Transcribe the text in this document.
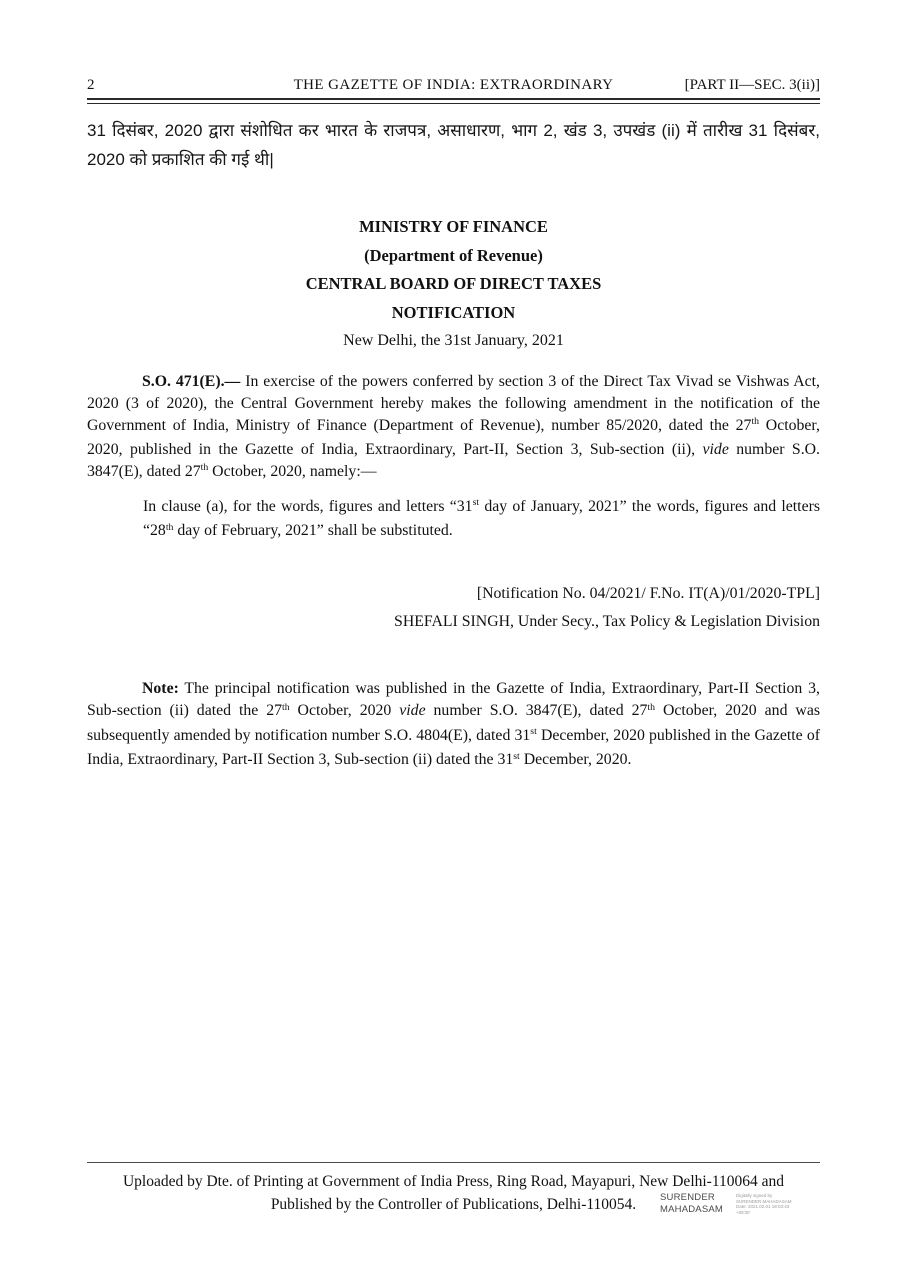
2	THE GAZETTE OF INDIA: EXTRAORDINARY	[PART II—SEC. 3(ii)]

31 दिसंबर, 2020 द्वारा संशोधित कर भारत के राजपत्र, असाधारण, भाग 2, खंड 3, उपखंड (ii) में तारीख 31 दिसंबर, 2020 को प्रकाशित की गई थी|

MINISTRY OF FINANCE
(Department of Revenue)
CENTRAL BOARD OF DIRECT TAXES
NOTIFICATION
New Delhi, the 31st January, 2021

S.O. 471(E).— In exercise of the powers conferred by section 3 of the Direct Tax Vivad se Vishwas Act, 2020 (3 of 2020), the Central Government hereby makes the following amendment in the notification of the Government of India, Ministry of Finance (Department of Revenue), number 85/2020, dated the 27th October, 2020, published in the Gazette of India, Extraordinary, Part-II, Section 3, Sub-section (ii), vide number S.O. 3847(E), dated 27th October, 2020, namely:—

In clause (a), for the words, figures and letters “31st day of January, 2021” the words, figures and letters “28th day of February, 2021” shall be substituted.

[Notification No. 04/2021/ F.No. IT(A)/01/2020-TPL]

SHEFALI SINGH, Under Secy., Tax Policy & Legislation Division

Note: The principal notification was published in the Gazette of India, Extraordinary, Part-II Section 3, Sub-section (ii) dated the 27th October, 2020 vide number S.O. 3847(E), dated 27th October, 2020 and was subsequently amended by notification number S.O. 4804(E), dated 31st December, 2020 published in the Gazette of India, Extraordinary, Part-II Section 3, Sub-section (ii) dated the 31st December, 2020.

Uploaded by Dte. of Printing at Government of India Press, Ring Road, Mayapuri, New Delhi-110064 and

Published by the Controller of Publications, Delhi-110054.	SURENDER MAHADASAM
Digitally signed by SURENDER MAHADASAM Date: 2021.02.01 18:03:43 +05'30'
